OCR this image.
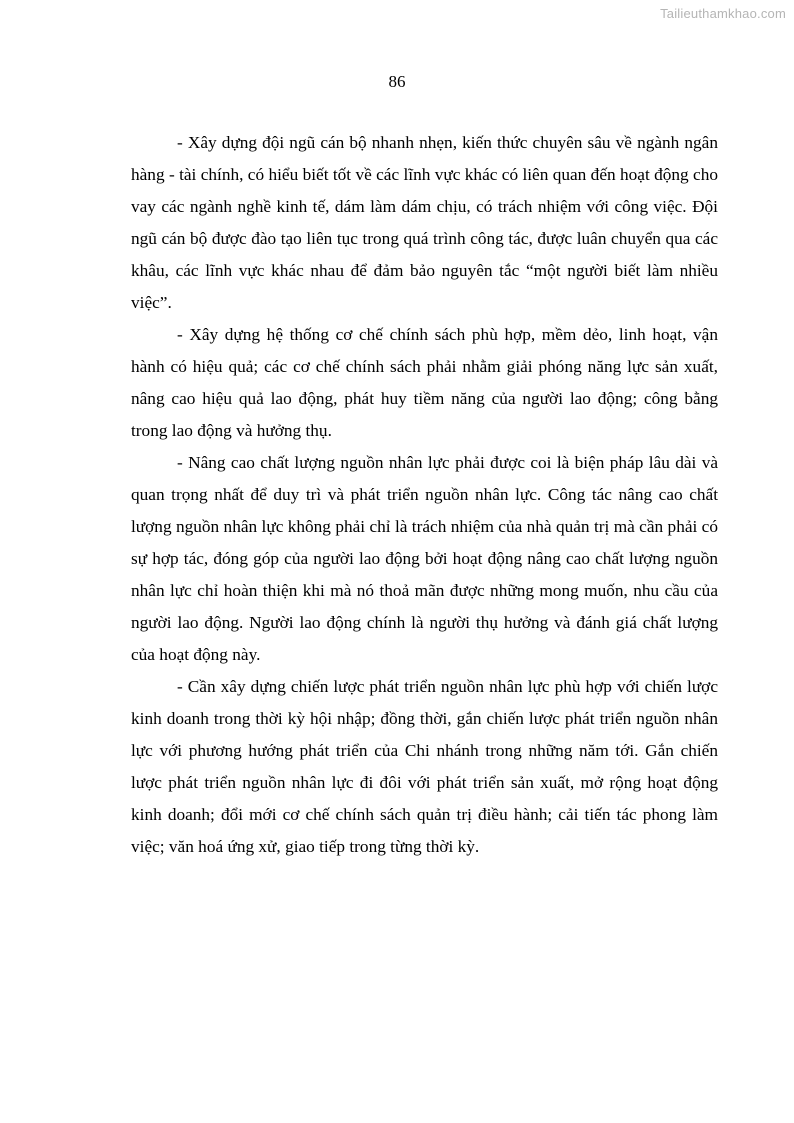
Tailieuthamkhao.com
86

- Xây dựng đội ngũ cán bộ nhanh nhẹn, kiến thức chuyên sâu về ngành ngân hàng - tài chính, có hiểu biết tốt về các lĩnh vực khác có liên quan đến hoạt động cho vay các ngành nghề kinh tế, dám làm dám chịu, có trách nhiệm với công việc. Đội ngũ cán bộ được đào tạo liên tục trong quá trình công tác, được luân chuyển qua các khâu, các lĩnh vực khác nhau để đảm bảo nguyên tắc “một người biết làm nhiều việc”.

- Xây dựng hệ thống cơ chế chính sách phù hợp, mềm dẻo, linh hoạt, vận hành có hiệu quả; các cơ chế chính sách phải nhằm giải phóng năng lực sản xuất, nâng cao hiệu quả lao động, phát huy tiềm năng của người lao động; công bằng trong lao động và hưởng thụ.

- Nâng cao chất lượng nguồn nhân lực phải được coi là biện pháp lâu dài và quan trọng nhất để duy trì và phát triển nguồn nhân lực. Công tác nâng cao chất lượng nguồn nhân lực không phải chỉ là trách nhiệm của nhà quản trị mà cần phải có sự hợp tác, đóng góp của người lao động bởi hoạt động nâng cao chất lượng nguồn nhân lực chỉ hoàn thiện khi mà nó thoả mãn được những mong muốn, nhu cầu của người lao động. Người lao động chính là người thụ hưởng và đánh giá chất lượng của hoạt động này.

- Cần xây dựng chiến lược phát triển nguồn nhân lực phù hợp với chiến lược kinh doanh trong thời kỳ hội nhập; đồng thời, gắn chiến lược phát triển nguồn nhân lực với phương hướng phát triển của Chi nhánh trong những năm tới. Gắn chiến lược phát triển nguồn nhân lực đi đôi với phát triển sản xuất, mở rộng hoạt động kinh doanh; đổi mới cơ chế chính sách quản trị điều hành; cải tiến tác phong làm việc; văn hoá ứng xử, giao tiếp trong từng thời kỳ.
